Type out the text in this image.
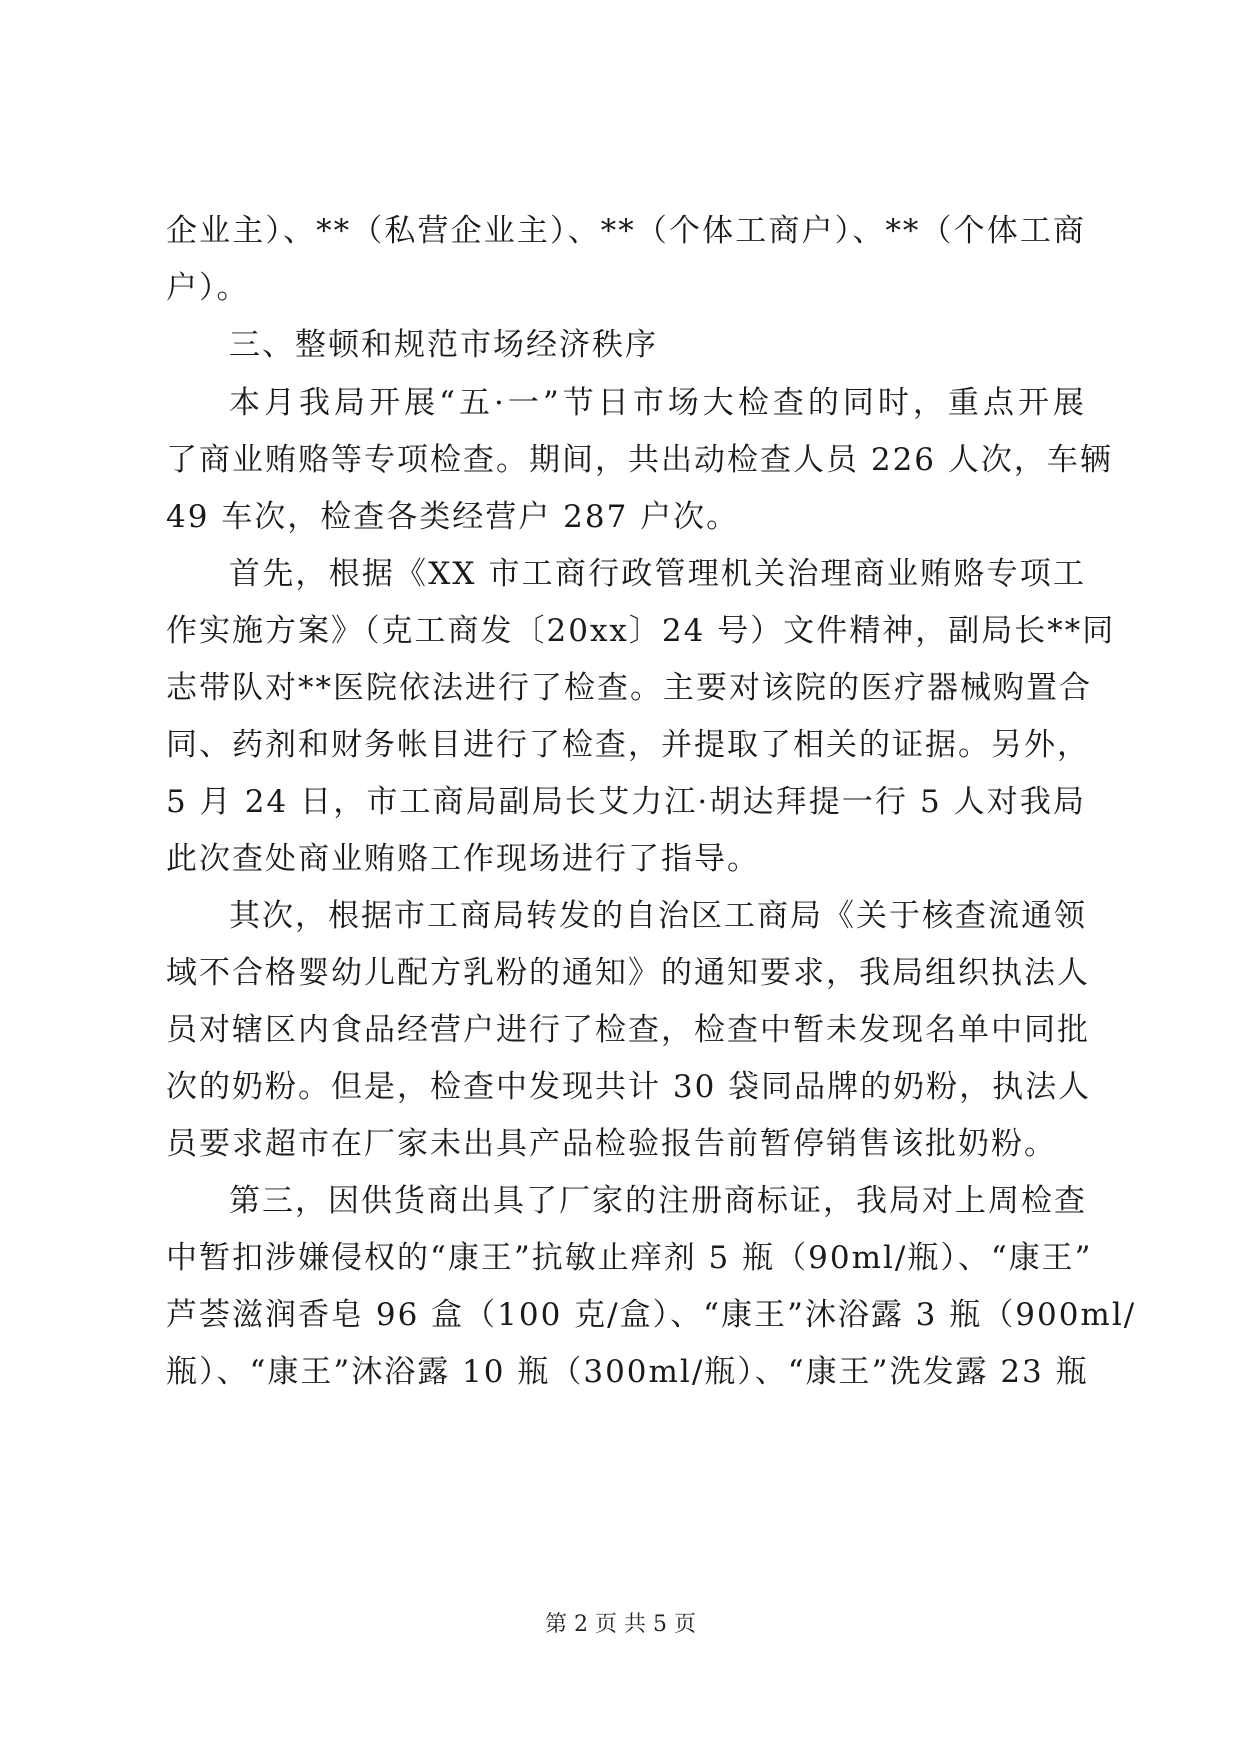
企业主）、**（私营企业主）、**（个体工商户）、**（个体工商
户）。
三、整顿和规范市场经济秩序
本月我局开展“五·一”节日市场大检查的同时，重点开展
了商业贿赂等专项检查。期间，共出动检查人员 226 人次，车辆
49 车次，检查各类经营户 287 户次。
首先，根据《XX 市工商行政管理机关治理商业贿赂专项工
作实施方案》（克工商发〔20xx〕24 号）文件精神，副局长**同
志带队对**医院依法进行了检查。主要对该院的医疗器械购置合
同、药剂和财务帐目进行了检查，并提取了相关的证据。另外，
5 月 24 日，市工商局副局长艾力江·胡达拜提一行 5 人对我局
此次查处商业贿赂工作现场进行了指导。
其次，根据市工商局转发的自治区工商局《关于核查流通领
域不合格婴幼儿配方乳粉的通知》的通知要求，我局组织执法人
员对辖区内食品经营户进行了检查，检查中暂未发现名单中同批
次的奶粉。但是，检查中发现共计 30 袋同品牌的奶粉，执法人
员要求超市在厂家未出具产品检验报告前暂停销售该批奶粉。
第三，因供货商出具了厂家的注册商标证，我局对上周检查
中暂扣涉嫌侵权的“康王”抗敏止痒剂 5 瓶（90ml/瓶）、“康王”
芦荟滋润香皂 96 盒（100 克/盒）、“康王”沐浴露 3 瓶（900ml/
瓶）、“康王”沐浴露 10 瓶（300ml/瓶）、“康王”洗发露 23 瓶
第 2 页 共 5 页
